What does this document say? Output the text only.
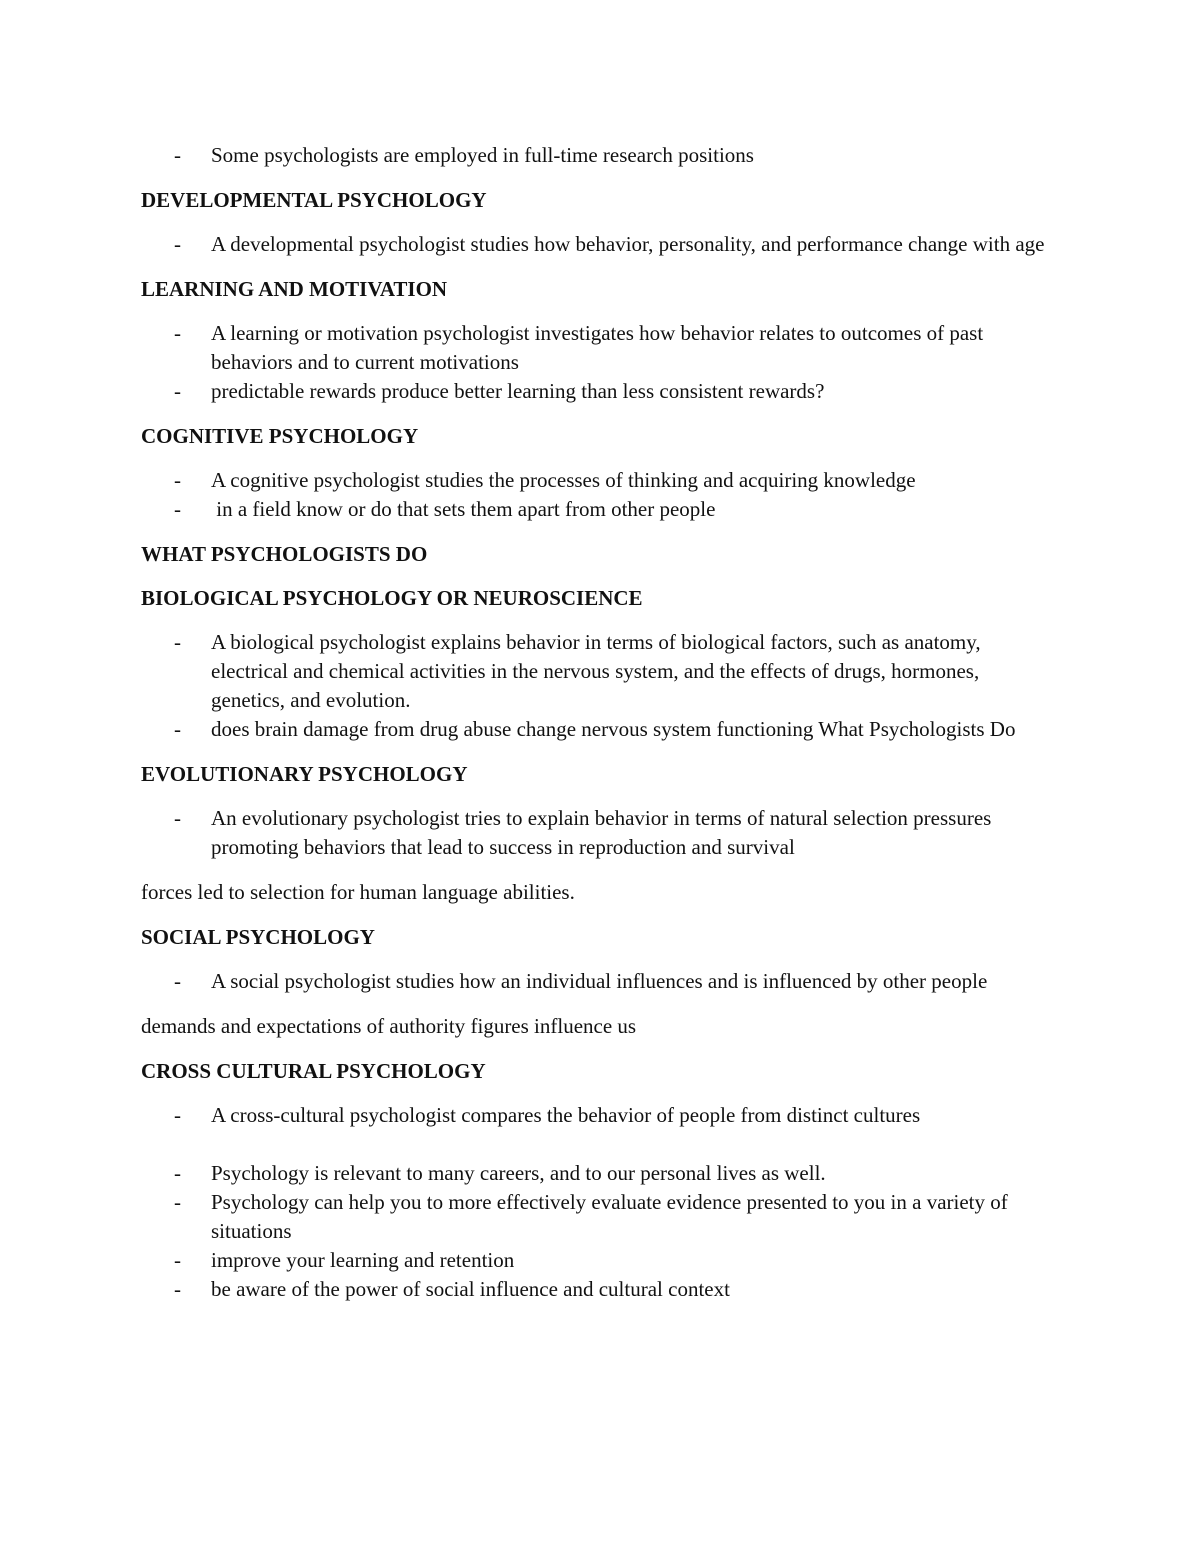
- Some psychologists are employed in full-time research positions
DEVELOPMENTAL PSYCHOLOGY
- A developmental psychologist studies how behavior, personality, and performance change with age
LEARNING AND MOTIVATION
- A learning or motivation psychologist investigates how behavior relates to outcomes of past behaviors and to current motivations
- predictable rewards produce better learning than less consistent rewards?
COGNITIVE PSYCHOLOGY
- A cognitive psychologist studies the processes of thinking and acquiring knowledge
- in a field know or do that sets them apart from other people
WHAT PSYCHOLOGISTS DO
BIOLOGICAL PSYCHOLOGY OR NEUROSCIENCE
- A biological psychologist explains behavior in terms of biological factors, such as anatomy, electrical and chemical activities in the nervous system, and the effects of drugs, hormones, genetics, and evolution.
- does brain damage from drug abuse change nervous system functioning What Psychologists Do
EVOLUTIONARY PSYCHOLOGY
- An evolutionary psychologist tries to explain behavior in terms of natural selection pressures promoting behaviors that lead to success in reproduction and survival
forces led to selection for human language abilities.
SOCIAL PSYCHOLOGY
- A social psychologist studies how an individual influences and is influenced by other people
demands and expectations of authority figures influence us
CROSS CULTURAL PSYCHOLOGY
- A cross-cultural psychologist compares the behavior of people from distinct cultures
- Psychology is relevant to many careers, and to our personal lives as well.
- Psychology can help you to more effectively evaluate evidence presented to you in a variety of situations
- improve your learning and retention
- be aware of the power of social influence and cultural context
